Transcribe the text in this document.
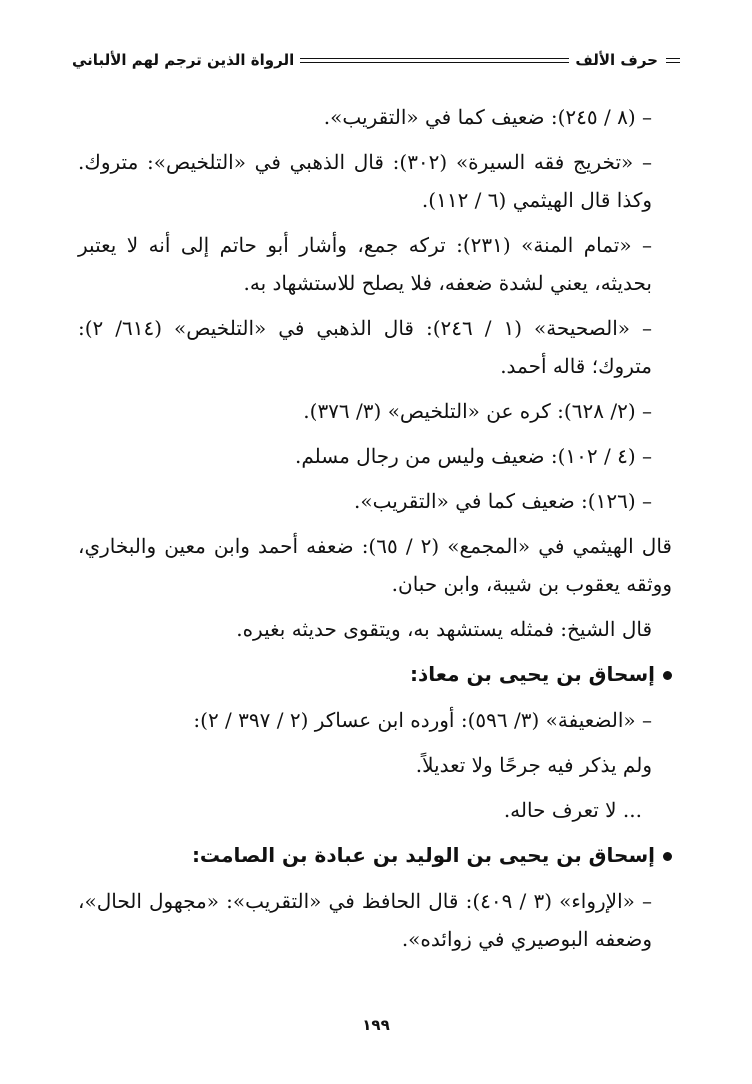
حرف الألف
الرواة الذين ترجم لهم الألباني

– (٨ / ٢٤٥): ضعيف كما في «التقريب».

– «تخريج فقه السيرة» (٣٠٢): قال الذهبي في «التلخيص»: متروك. وكذا قال الهيثمي (٦ / ١١٢).

– «تمام المنة» (٢٣١): تركه جمع، وأشار أبو حاتم إلى أنه لا يعتبر بحديثه، يعني لشدة ضعفه، فلا يصلح للاستشهاد به.

– «الصحيحة» (١ / ٢٤٦): قال الذهبي في «التلخيص» (٦١٤/ ٢): متروك؛ قاله أحمد.

– (٢/ ٦٢٨): كره عن «التلخيص» (٣/ ٣٧٦).

– (٤ / ١٠٢): ضعيف وليس من رجال مسلم.

– (١٢٦): ضعيف كما في «التقريب».

قال الهيثمي في «المجمع» (٢ / ٦٥): ضعفه أحمد وابن معين والبخاري، ووثقه يعقوب بن شيبة، وابن حبان.

قال الشيخ: فمثله يستشهد به، ويتقوى حديثه بغيره.

إسحاق بن يحيى بن معاذ:

– «الضعيفة» (٣/ ٥٩٦): أورده ابن عساكر (٢ / ٣٩٧ / ٢):

ولم يذكر فيه جرحًا ولا تعديلاً.

... لا تعرف حاله.

إسحاق بن يحيى بن الوليد بن عبادة بن الصامت:

– «الإرواء» (٣ / ٤٠٩): قال الحافظ في «التقريب»: «مجهول الحال»، وضعفه البوصيري في زوائده».

١٩٩
